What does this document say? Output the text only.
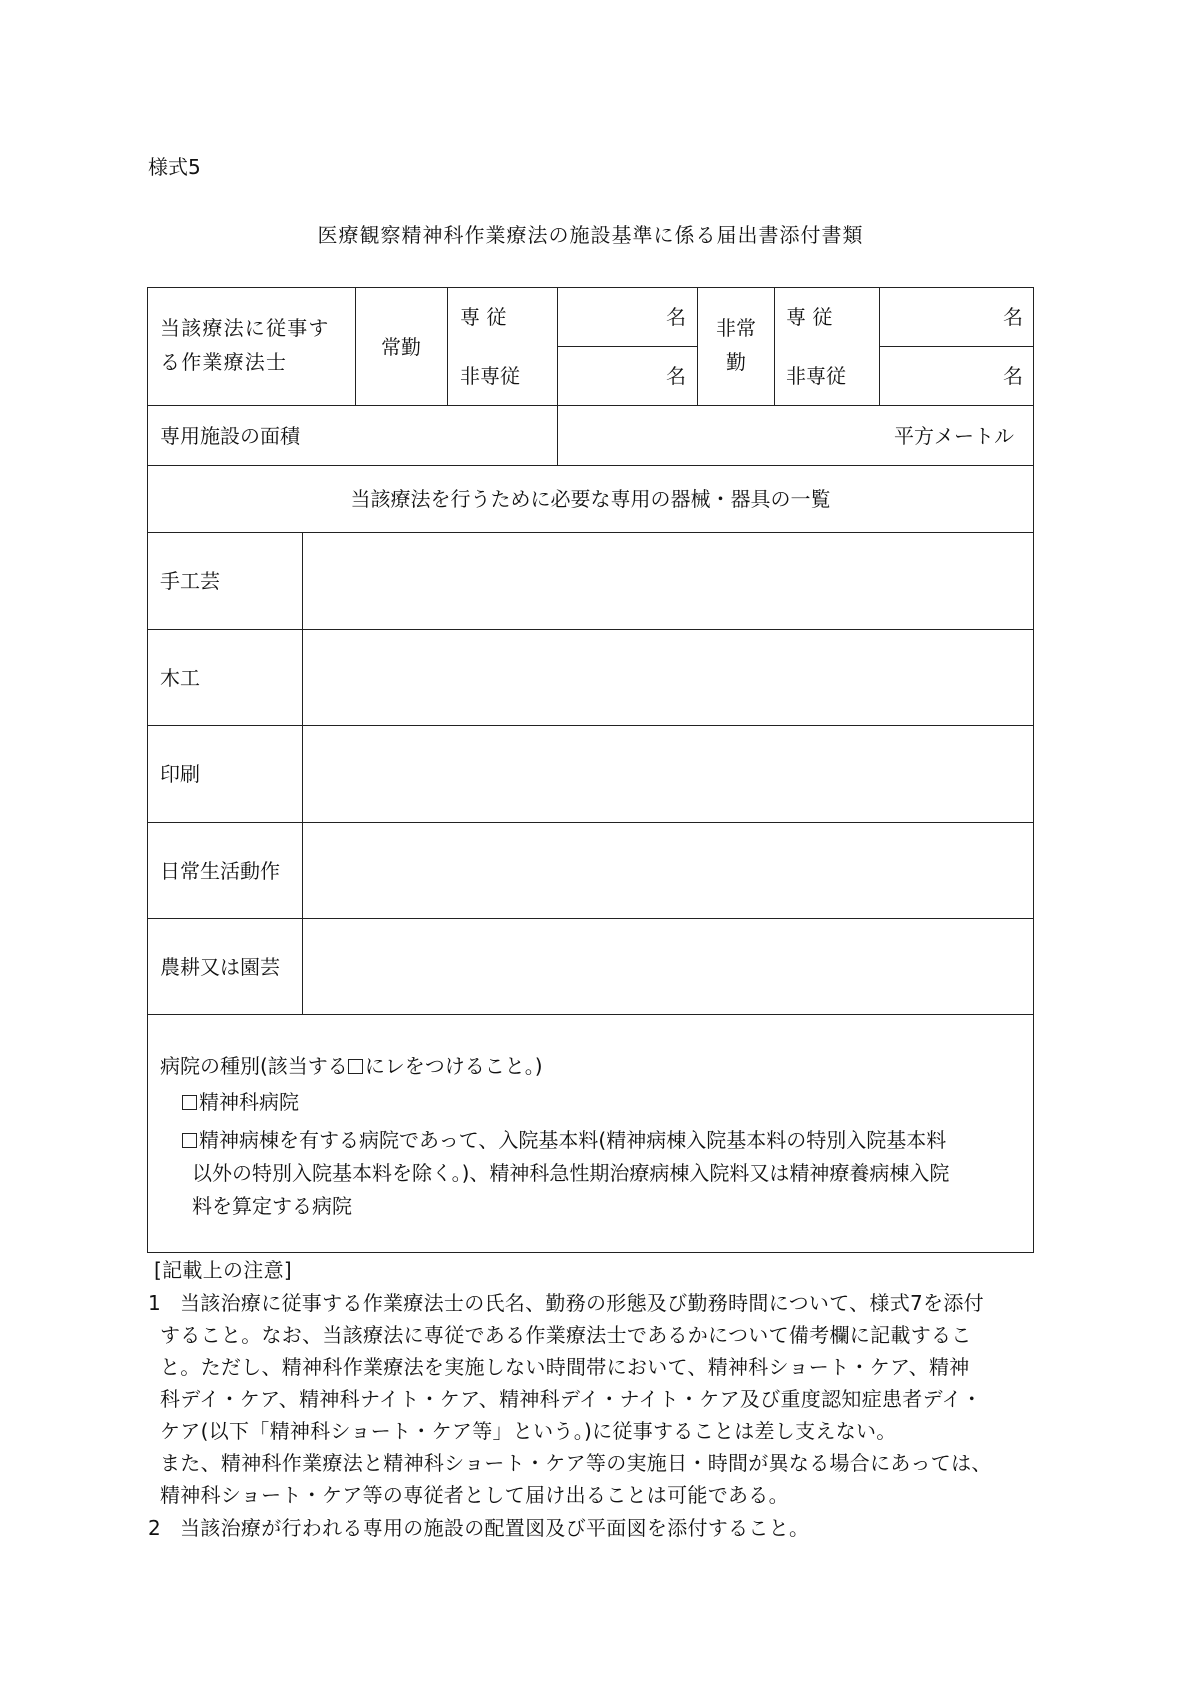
様式5
医療観察精神科作業療法の施設基準に係る届出書添付書類
当該療法に従事す
る作業療法士
常勤
専 従
非専従
名
名
非常
勤
専 従
非専従
名
名
専用施設の面積	平方メートル
当該療法を行うために必要な専用の器械・器具の一覧
手工芸
木工
印刷
日常生活動作
農耕又は園芸
病院の種別(該当する にレをつけること。)
精神科病院
精神病棟を有する病院であって、入院基本料(精神病棟入院基本料の特別入院基本料
以外の特別入院基本料を除く。)、精神科急性期治療病棟入院料又は精神療養病棟入院
料を算定する病院
[記載上の注意]
1 当該治療に従事する作業療法士の氏名、勤務の形態及び勤務時間について、様式7を添付
すること。なお、当該療法に専従である作業療法士であるかについて備考欄に記載するこ
と。ただし、精神科作業療法を実施しない時間帯において、精神科ショート・ケア、精神
科デイ・ケア、精神科ナイト・ケア、精神科デイ・ナイト・ケア及び重度認知症患者デイ・
ケア(以下「精神科ショート・ケア等」という。)に従事することは差し支えない。
また、精神科作業療法と精神科ショート・ケア等の実施日・時間が異なる場合にあっては、
精神科ショート・ケア等の専従者として届け出ることは可能である。
2 当該治療が行われる専用の施設の配置図及び平面図を添付すること。
